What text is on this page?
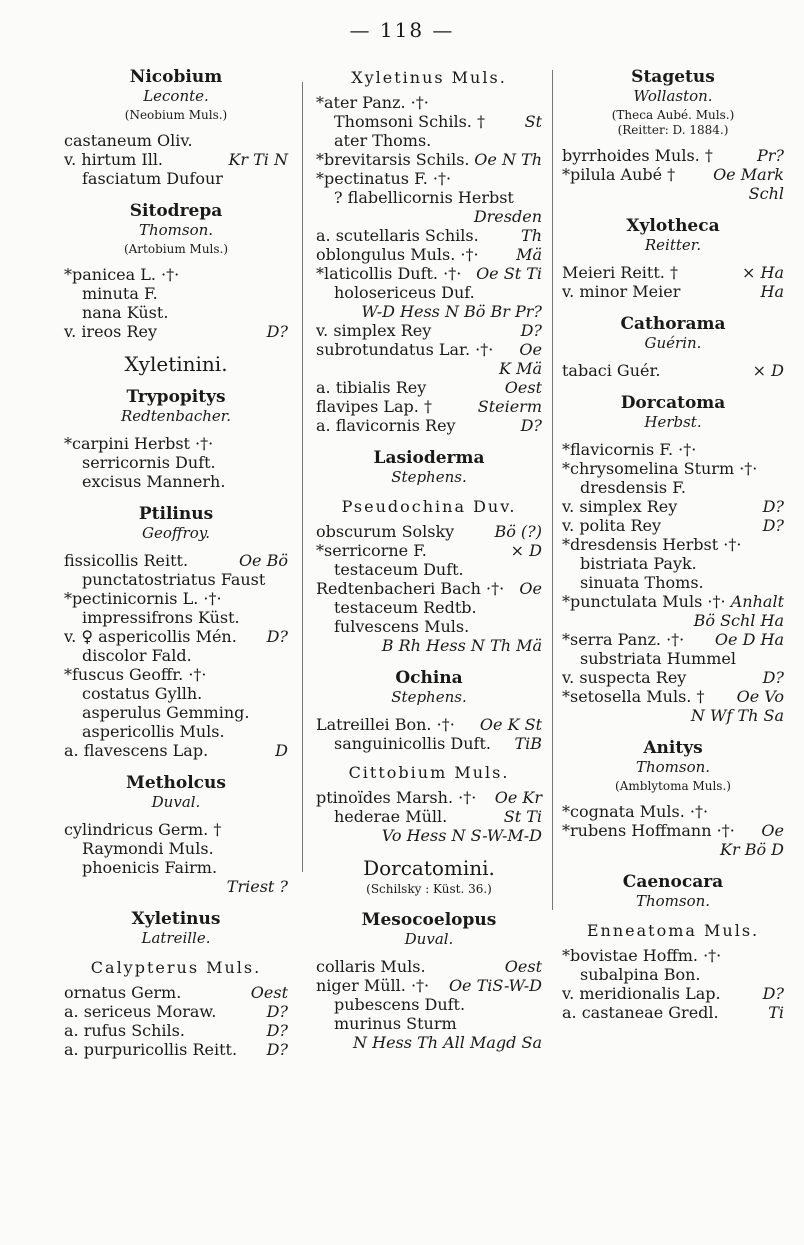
— 118 —
Nicobium
Leconte.
(Neobium Muls.)
castaneum Oliv.
v. hirtum Ill.	Kr Ti N
fasciatum Dufour
Sitodrepa
Thomson.
(Artobium Muls.)
*panicea L. ·†·
minuta F.
nana Küst.
v. ireos Rey	D?
Xyletinini.
Trypopitys
Redtenbacher.
*carpini Herbst ·†·
serricornis Duft.
excisus Mannerh.
Ptilinus
Geoffroy.
fissicollis Reitt.	Oe Bö
punctatostriatus Faust
*pectinicornis L. ·†·
impressifrons Küst.
v. ♀ aspericollis Mén. D?
discolor Fald.
*fuscus Geoffr. ·†·
costatus Gyllh.
asperulus Gemming.
aspericollis Muls.
a. flavescens Lap.	D
Metholcus
Duval.
cylindricus Germ. †
Raymondi Muls.
phoenicis Fairm.
Triest ?
Xyletinus
Latreille.
Calypterus Muls.
ornatus Germ.	Oest
a. sericeus Moraw.	D?
a. rufus Schils.	D?
a. purpuricollis Reitt. D?
Xyletinus Muls.
*ater Panz. ·†·
Thomsoni Schils. † St
ater Thoms.
*brevitarsis Schils. Oe N Th
*pectinatus F. ·†·
? flabellicornis Herbst
Dresden
a. scutellaris Schils.	Th
oblongulus Muls. ·†· Mä
*laticollis Duft. ·†· Oe St Ti
holosericeus Duf.
W-D Hess N Bö Br Pr?
v. simplex Rey	D?
subrotundatus Lar. ·†· Oe
K Mä
a. tibialis Rey	Oest
flavipes Lap. †	Steierm
a. flavicornis Rey	D?
Lasioderma
Stephens.
Pseudochina Duv.
obscurum Solsky	Bö (?)
*serricorne F.	× D
testaceum Duft.
Redtenbacheri Bach ·†· Oe
testaceum Redtb.
fulvescens Muls.
B Rh Hess N Th Mä
Ochina
Stephens.
Latreillei Bon. ·†· Oe K St
sanguinicollis Duft. TiB
Cittobium Muls.
ptinoïdes Marsh. ·†· Oe Kr
hederae Müll.	St Ti
Vo Hess N S-W-M-D
Dorcatomini.
(Schilsky : Küst. 36.)
Mesocoelopus
Duval.
collaris Muls.	Oest
niger Müll. ·†· Oe TiS-W-D
pubescens Duft.
murinus Sturm
N Hess Th All Magd Sa
Stagetus
Wollaston.
(Theca Aubé. Muls.)
(Reitter: D. 1884.)
byrrhoides Muls. †	Pr?
*pilula Aubé † Oe Mark
Schl
Xylotheca
Reitter.
Meieri Reitt. †	× Ha
v. minor Meier	Ha
Cathorama
Guérin.
tabaci Guér.	× D
Dorcatoma
Herbst.
*flavicornis F. ·†·
*chrysomelina Sturm ·†·
dresdensis F.
v. simplex Rey	D?
v. polita Rey	D?
*dresdensis Herbst ·†·
bistriata Payk.
sinuata Thoms.
*punctulata Muls ·†· Anhalt
Bö Schl Ha
*serra Panz. ·†· Oe D Ha
substriata Hummel
v. suspecta Rey	D?
*setosella Muls. † Oe Vo
N Wf Th Sa
Anitys
Thomson.
(Amblytoma Muls.)
*cognata Muls. ·†·
*rubens Hoffmann ·†· Oe
Kr Bö D
Caenocara
Thomson.
Enneatoma Muls.
*bovistae Hoffm. ·†·
subalpina Bon.
v. meridionalis Lap.	D?
a. castaneae Gredl.	Ti
